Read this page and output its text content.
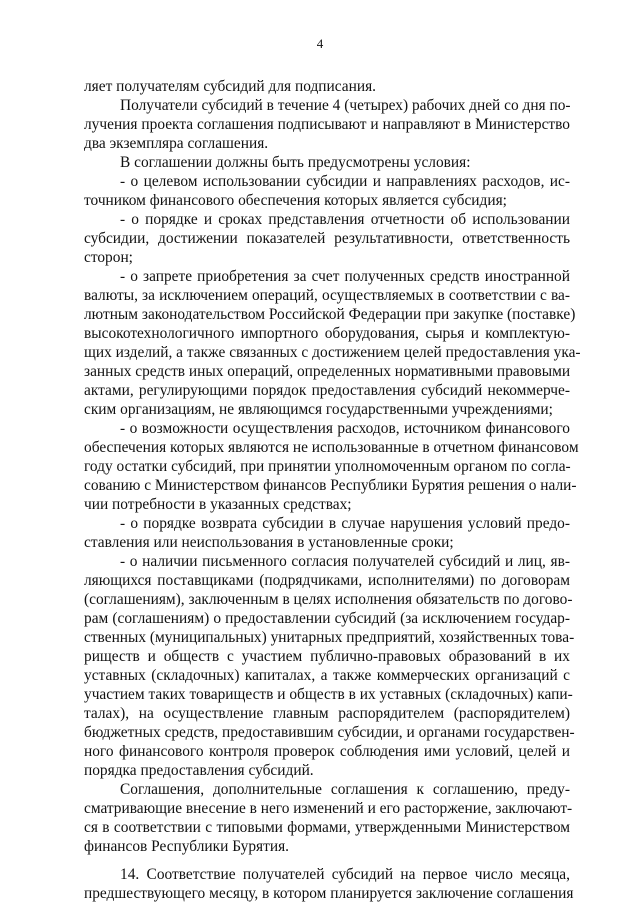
4
ляет получателям субсидий для подписания.
Получатели субсидий в течение 4 (четырех) рабочих дней со дня по-
лучения проекта соглашения подписывают и направляют в Министерство
два экземпляра соглашения.
В соглашении должны быть предусмотрены условия:
- о целевом использовании субсидии и направлениях расходов, ис-
точником финансового обеспечения которых является субсидия;
- о порядке и сроках представления отчетности об использовании
субсидии, достижении показателей результативности, ответственность
сторон;
- о запрете приобретения за счет полученных средств иностранной
валюты, за исключением операций, осуществляемых в соответствии с ва-
лютным законодательством Российской Федерации при закупке (поставке)
высокотехнологичного импортного оборудования, сырья и комплектую-
щих изделий, а также связанных с достижением целей предоставления ука-
занных средств иных операций, определенных нормативными правовыми
актами, регулирующими порядок предоставления субсидий некоммерче-
ским организациям, не являющимся государственными учреждениями;
- о возможности осуществления расходов, источником финансового
обеспечения которых являются не использованные в отчетном финансовом
году остатки субсидий, при принятии уполномоченным органом по согла-
сованию с Министерством финансов Республики Бурятия решения о нали-
чии потребности в указанных средствах;
- о порядке возврата субсидии в случае нарушения условий предо-
ставления или неиспользования в установленные сроки;
- о наличии письменного согласия получателей субсидий и лиц, яв-
ляющихся поставщиками (подрядчиками, исполнителями) по договорам
(соглашениям), заключенным в целях исполнения обязательств по догово-
рам (соглашениям) о предоставлении субсидий (за исключением государ-
ственных (муниципальных) унитарных предприятий, хозяйственных това-
риществ и обществ с участием публично-правовых образований в их
уставных (складочных) капиталах, а также коммерческих организаций с
участием таких товариществ и обществ в их уставных (складочных) капи-
талах), на осуществление главным распорядителем (распорядителем)
бюджетных средств, предоставившим субсидии, и органами государствен-
ного финансового контроля проверок соблюдения ими условий, целей и
порядка предоставления субсидий.
Соглашения, дополнительные соглашения к соглашению, преду-
сматривающие внесение в него изменений и его расторжение, заключают-
ся в соответствии с типовыми формами, утвержденными Министерством
финансов Республики Бурятия.
14. Соответствие получателей субсидий на первое число месяца,
предшествующего месяцу, в котором планируется заключение соглашения
